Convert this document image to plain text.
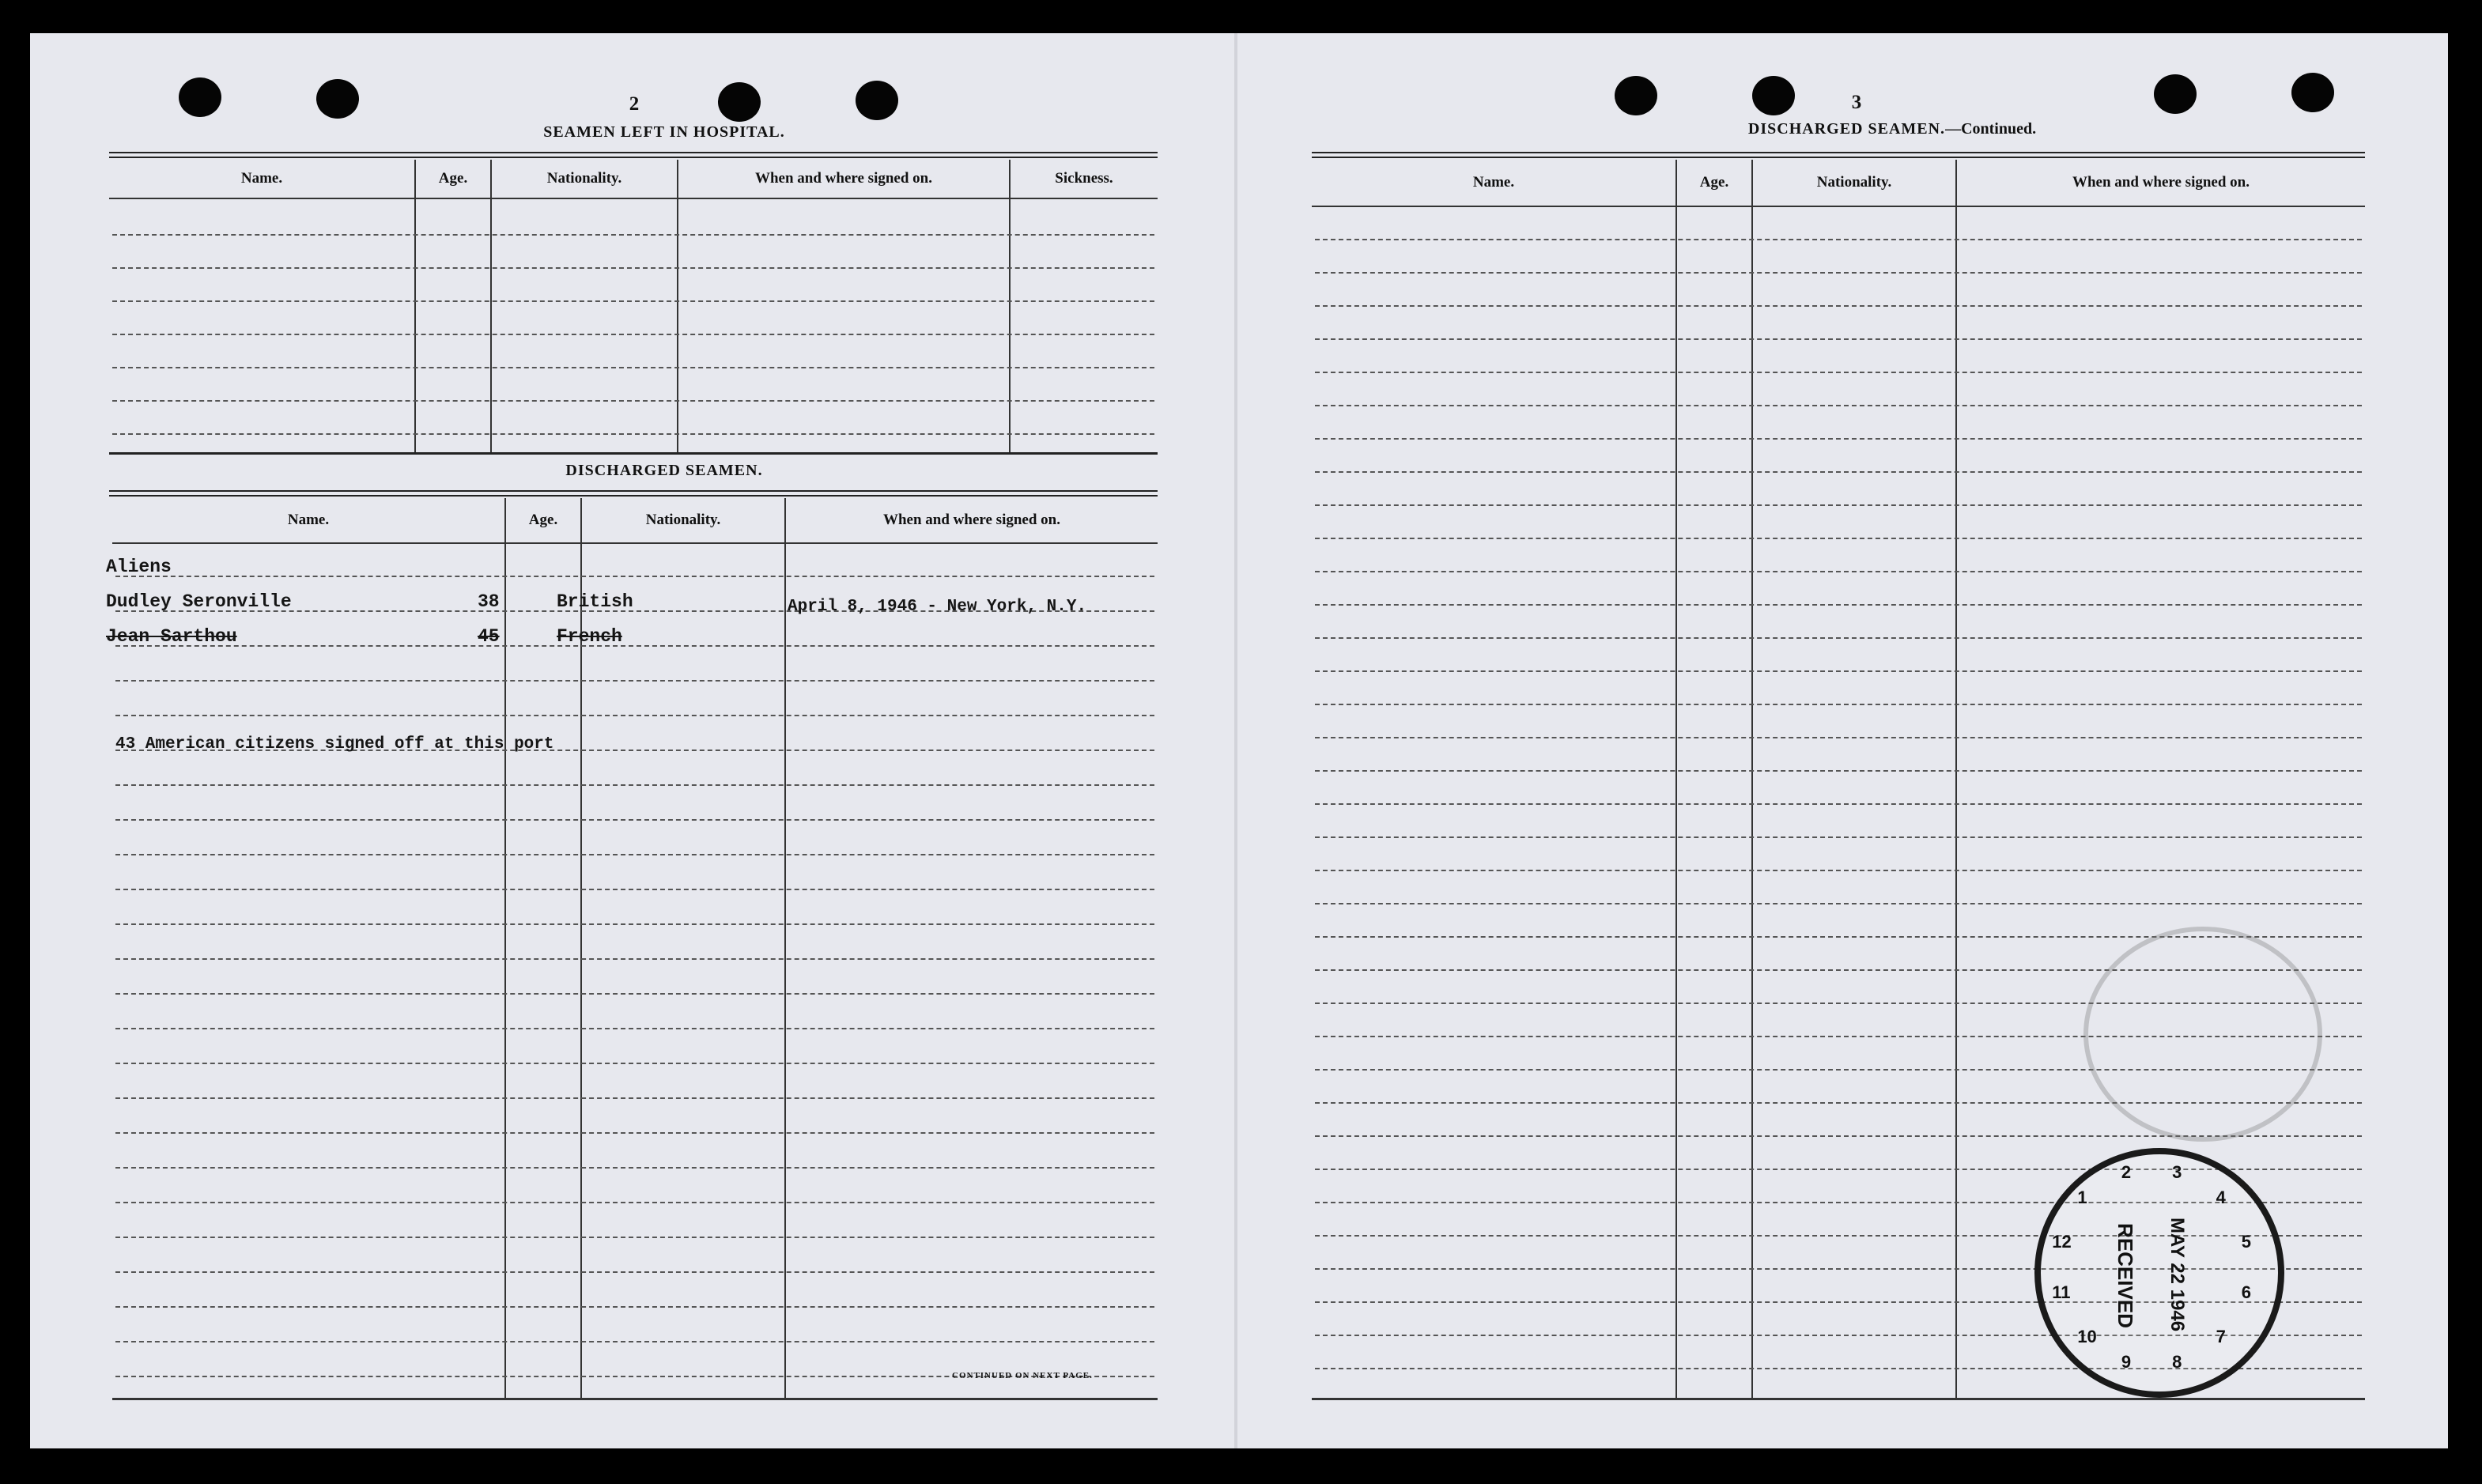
2
SEAMEN LEFT IN HOSPITAL.
Name.	Age.	Nationality.	When and where signed on.	Sickness.
DISCHARGED SEAMEN.
Name.	Age.	Nationality.	When and where signed on.
Aliens
Dudley Seronville	38	British	April 8, 1946 - New York, N.Y.
Jean Sarthou	45	French
43 American citizens signed off at this port
CONTINUED ON NEXT PAGE.
3
DISCHARGED SEAMEN.—Continued.
Name.	Age.	Nationality.	When and where signed on.
1
2 3
4
5
6
7
8
9
10
11
12 RECEIVED MAY 22 1946
